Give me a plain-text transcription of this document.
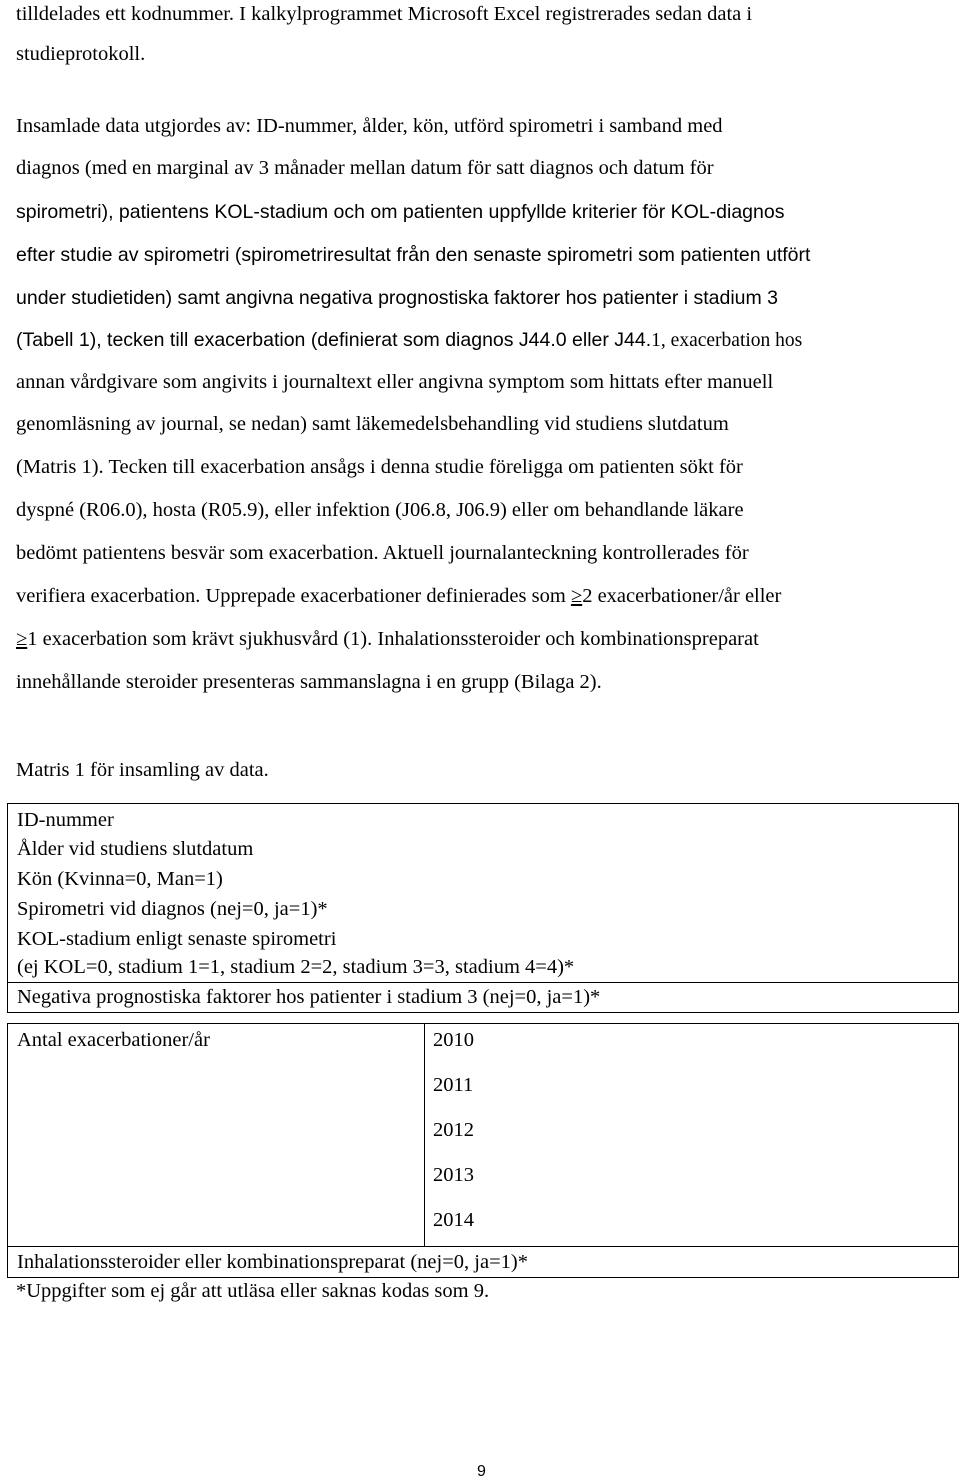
tilldelades ett kodnummer. I kalkylprogrammet Microsoft Excel registrerades sedan data i
studieprotokoll.
Insamlade data utgjordes av: ID-nummer, ålder, kön, utförd spirometri i samband med
diagnos (med en marginal av 3 månader mellan datum för satt diagnos och datum för
spirometri), patientens KOL-stadium och om patienten uppfyllde kriterier för KOL-diagnos
efter studie av spirometri (spirometriresultat från den senaste spirometri som patienten utfört
under studietiden) samt angivna negativa prognostiska faktorer hos patienter i stadium 3
(Tabell 1), tecken till exacerbation (definierat som diagnos J44.0 eller J44.1, exacerbation hos
annan vårdgivare som angivits i journaltext eller angivna symptom som hittats efter manuell
genomläsning av journal, se nedan) samt läkemedelsbehandling vid studiens slutdatum
(Matris 1). Tecken till exacerbation ansågs i denna studie föreligga om patienten sökt för
dyspné (R06.0), hosta (R05.9), eller infektion (J06.8, J06.9) eller om behandlande läkare
bedömt patientens besvär som exacerbation. Aktuell journalanteckning kontrollerades för
verifiera exacerbation. Upprepade exacerbationer definierades som ≥2 exacerbationer/år eller
≥1 exacerbation som krävt sjukhusvård (1). Inhalationssteroider och kombinationspreparat
innehållande steroider presenteras sammanslagna i en grupp (Bilaga 2).
Matris 1 för insamling av data.
ID-nummer
Ålder vid studiens slutdatum
Kön (Kvinna=0, Man=1)
Spirometri vid diagnos (nej=0, ja=1)*
KOL-stadium enligt senaste spirometri
(ej KOL=0, stadium 1=1, stadium 2=2, stadium 3=3, stadium 4=4)*
Negativa prognostiska faktorer hos patienter i stadium 3 (nej=0, ja=1)*
Antal exacerbationer/år	2010
2011
2012
2013
2014
Inhalationssteroider eller kombinationspreparat (nej=0, ja=1)*
*Uppgifter som ej går att utläsa eller saknas kodas som 9.
9
